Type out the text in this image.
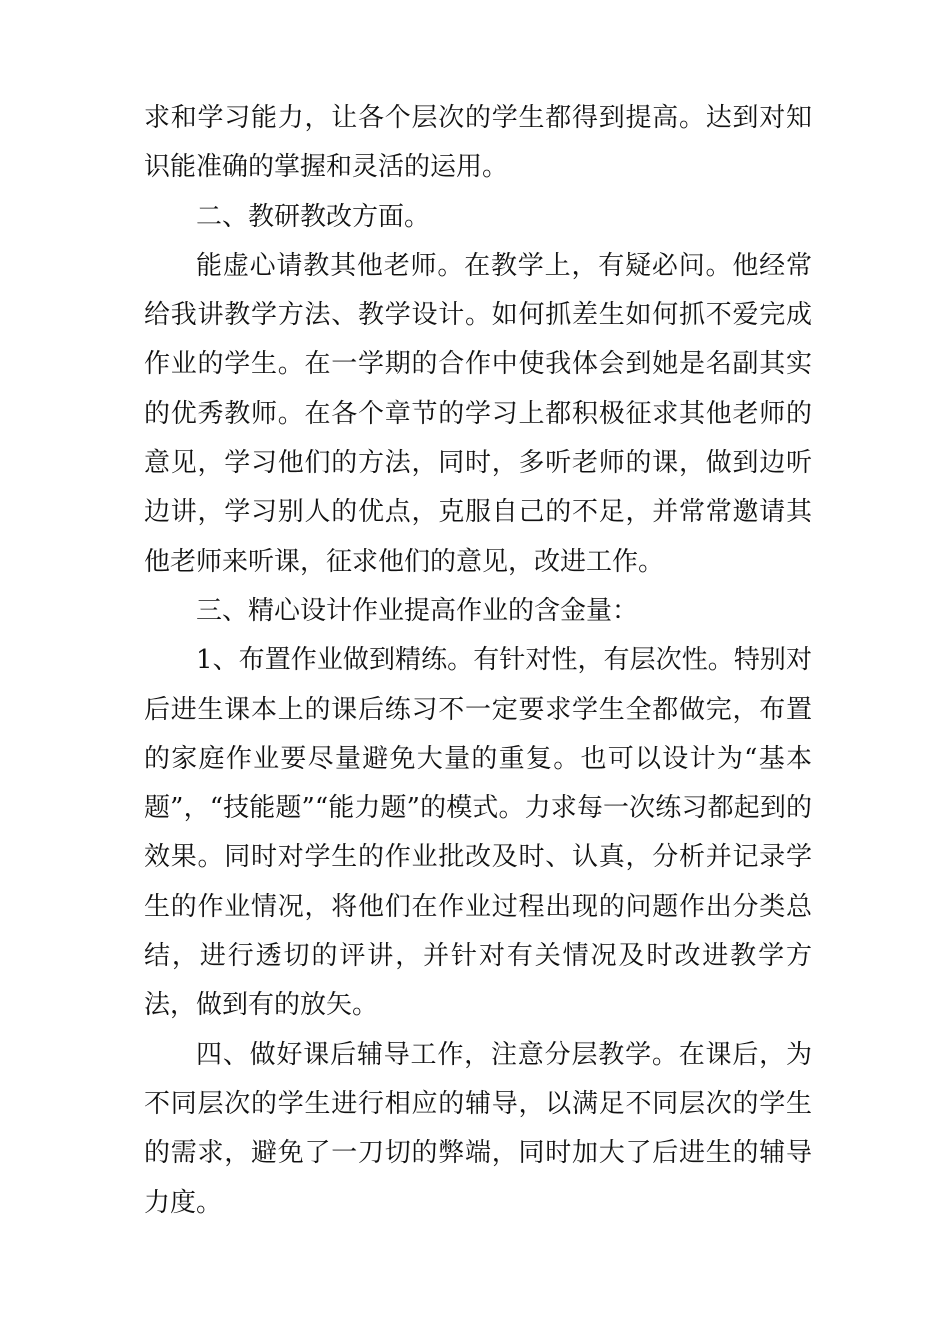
求和学习能力，让各个层次的学生都得到提高。达到对知识能准确的掌握和灵活的运用。

二、教研教改方面。

能虚心请教其他老师。在教学上，有疑必问。他经常给我讲教学方法、教学设计。如何抓差生如何抓不爱完成作业的学生。在一学期的合作中使我体会到她是名副其实的优秀教师。在各个章节的学习上都积极征求其他老师的意见，学习他们的方法，同时，多听老师的课，做到边听边讲，学习别人的优点，克服自己的不足，并常常邀请其他老师来听课，征求他们的意见，改进工作。

三、精心设计作业提高作业的含金量：

1、布置作业做到精练。有针对性，有层次性。特别对后进生课本上的课后练习不一定要求学生全都做完，布置的家庭作业要尽量避免大量的重复。也可以设计为“基本题”，“技能题”“能力题”的模式。力求每一次练习都起到的效果。同时对学生的作业批改及时、认真，分析并记录学生的作业情况，将他们在作业过程出现的问题作出分类总结，进行透切的评讲，并针对有关情况及时改进教学方法，做到有的放矢。

四、做好课后辅导工作，注意分层教学。在课后，为不同层次的学生进行相应的辅导，以满足不同层次的学生的需求，避免了一刀切的弊端，同时加大了后进生的辅导力度。
